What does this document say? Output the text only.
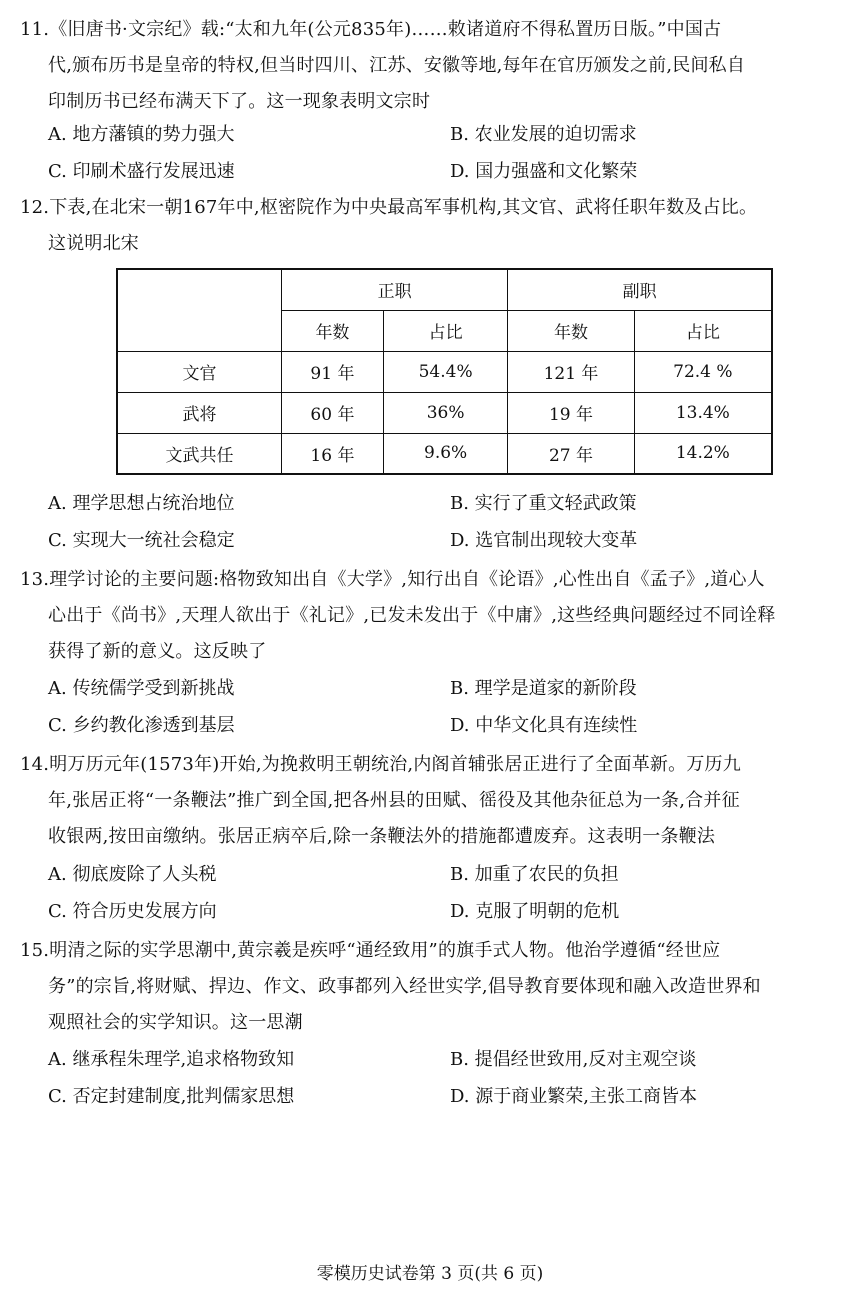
11.《旧唐书·文宗纪》载:“太和九年(公元835年)……敕诸道府不得私置历日版。”中国古

代,颁布历书是皇帝的特权,但当时四川、江苏、安徽等地,每年在官历颁发之前,民间私自

印制历书已经布满天下了。这一现象表明文宗时

A. 地方藩镇的势力强大	B. 农业发展的迫切需求
C. 印刷术盛行发展迅速	D. 国力强盛和文化繁荣

12.下表,在北宋一朝167年中,枢密院作为中央最高军事机构,其文官、武将任职年数及占比。

这说明北宋

	正职		副职	
	年数	占比	年数	占比
文官	91 年	54.4%	121 年	72.4 %
武将	60 年	36%	19 年	13.4%
文武共任	16 年	9.6%	27 年	14.2%
A. 理学思想占统治地位	B. 实行了重文轻武政策
C. 实现大一统社会稳定	D. 选官制出现较大变革

13.理学讨论的主要问题:格物致知出自《大学》,知行出自《论语》,心性出自《孟子》,道心人

心出于《尚书》,天理人欲出于《礼记》,已发未发出于《中庸》,这些经典问题经过不同诠释

获得了新的意义。这反映了

A. 传统儒学受到新挑战	B. 理学是道家的新阶段
C. 乡约教化渗透到基层	D. 中华文化具有连续性

14.明万历元年(1573年)开始,为挽救明王朝统治,内阁首辅张居正进行了全面革新。万历九

年,张居正将“一条鞭法”推广到全国,把各州县的田赋、徭役及其他杂征总为一条,合并征

收银两,按田亩缴纳。张居正病卒后,除一条鞭法外的措施都遭废弃。这表明一条鞭法

A. 彻底废除了人头税	B. 加重了农民的负担
C. 符合历史发展方向	D. 克服了明朝的危机

15.明清之际的实学思潮中,黄宗羲是疾呼“通经致用”的旗手式人物。他治学遵循“经世应

务”的宗旨,将财赋、捍边、作文、政事都列入经世实学,倡导教育要体现和融入改造世界和

观照社会的实学知识。这一思潮

A. 继承程朱理学,追求格物致知	B. 提倡经世致用,反对主观空谈
C. 否定封建制度,批判儒家思想	D. 源于商业繁荣,主张工商皆本
零模历史试卷第 3 页(共 6 页)
